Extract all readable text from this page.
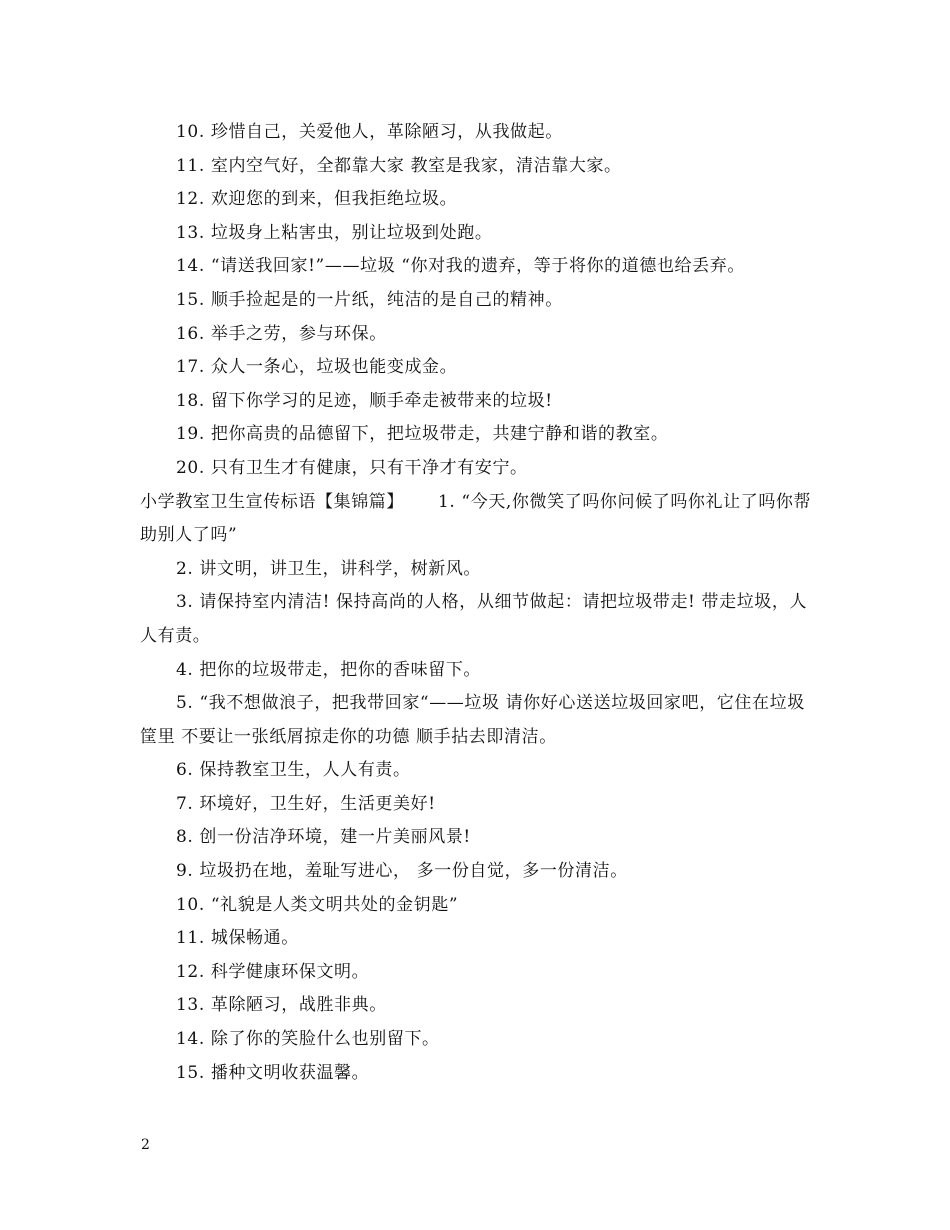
10. 珍惜自己，关爱他人，革除陋习，从我做起。
11. 室内空气好，全都靠大家 教室是我家，清洁靠大家。
12. 欢迎您的到来，但我拒绝垃圾。
13. 垃圾身上粘害虫，别让垃圾到处跑。
14. “请送我回家!”——垃圾 “你对我的遗弃，等于将你的道德也给丢弃。
15. 顺手捡起是的一片纸，纯洁的是自己的精神。
16. 举手之劳，参与环保。
17. 众人一条心，垃圾也能变成金。
18. 留下你学习的足迹，顺手牵走被带来的垃圾!
19. 把你高贵的品德留下，把垃圾带走，共建宁静和谐的教室。
20. 只有卫生才有健康，只有干净才有安宁。
小学教室卫生宣传标语【集锦篇】 1. “今天,你微笑了吗你问候了吗你礼让了吗你帮助别人了吗”
2. 讲文明，讲卫生，讲科学，树新风。
3. 请保持室内清洁! 保持高尚的人格，从细节做起：请把垃圾带走! 带走垃圾，人人有责。
4. 把你的垃圾带走，把你的香味留下。
5. “我不想做浪子，把我带回家“——垃圾 请你好心送送垃圾回家吧，它住在垃圾筐里 不要让一张纸屑掠走你的功德 顺手拈去即清洁。
6. 保持教室卫生，人人有责。
7. 环境好，卫生好，生活更美好!
8. 创一份洁净环境，建一片美丽风景!
9. 垃圾扔在地，羞耻写进心， 多一份自觉，多一份清洁。
10. “礼貌是人类文明共处的金钥匙”
11. 城保畅通。
12. 科学健康环保文明。
13. 革除陋习，战胜非典。
14. 除了你的笑脸什么也别留下。
15. 播种文明收获温馨。
2
